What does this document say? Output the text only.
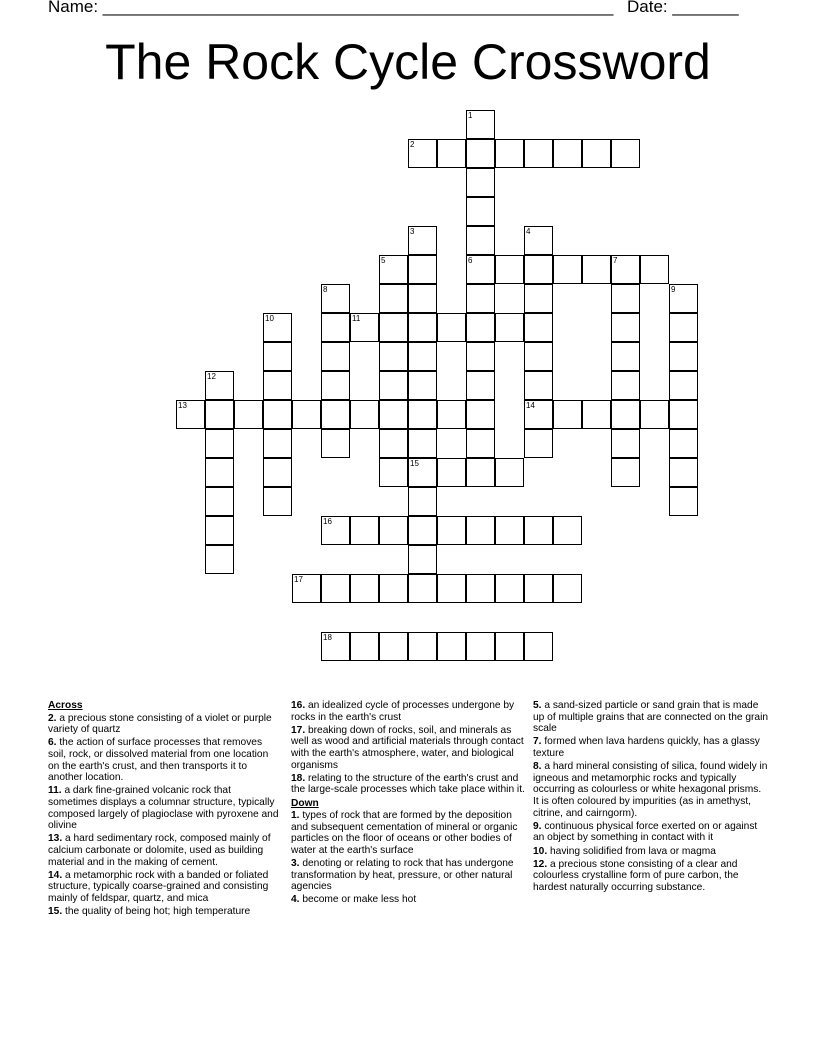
Name: ______________________________________________________ Date: _______
The Rock Cycle Crossword
1
2
3	4
5	6	7
8	9
10	11
12
13	14
15
16
17
18
Across
2. a precious stone consisting of a violet or purple variety of quartz
6. the action of surface processes that removes soil, rock, or dissolved material from one location on the earth's crust, and then transports it to another location.
11. a dark fine-grained volcanic rock that sometimes displays a columnar structure, typically composed largely of plagioclase with pyroxene and olivine
13. a hard sedimentary rock, composed mainly of calcium carbonate or dolomite, used as building material and in the making of cement.
14. a metamorphic rock with a banded or foliated structure, typically coarse-grained and consisting mainly of feldspar, quartz, and mica
15. the quality of being hot; high temperature
16. an idealized cycle of processes undergone by rocks in the earth's crust
17. breaking down of rocks, soil, and minerals as well as wood and artificial materials through contact with the earth's atmosphere, water, and biological organisms
18. relating to the structure of the earth's crust and the large-scale processes which take place within it.
Down
1. types of rock that are formed by the deposition and subsequent cementation of mineral or organic particles on the floor of oceans or other bodies of water at the earth's surface
3. denoting or relating to rock that has undergone transformation by heat, pressure, or other natural agencies
4. become or make less hot
5. a sand-sized particle or sand grain that is made up of multiple grains that are connected on the grain scale
7. formed when lava hardens quickly, has a glassy texture
8. a hard mineral consisting of silica, found widely in igneous and metamorphic rocks and typically occurring as colourless or white hexagonal prisms. It is often coloured by impurities (as in amethyst, citrine, and cairngorm).
9. continuous physical force exerted on or against an object by something in contact with it
10. having solidified from lava or magma
12. a precious stone consisting of a clear and colourless crystalline form of pure carbon, the hardest naturally occurring substance.
